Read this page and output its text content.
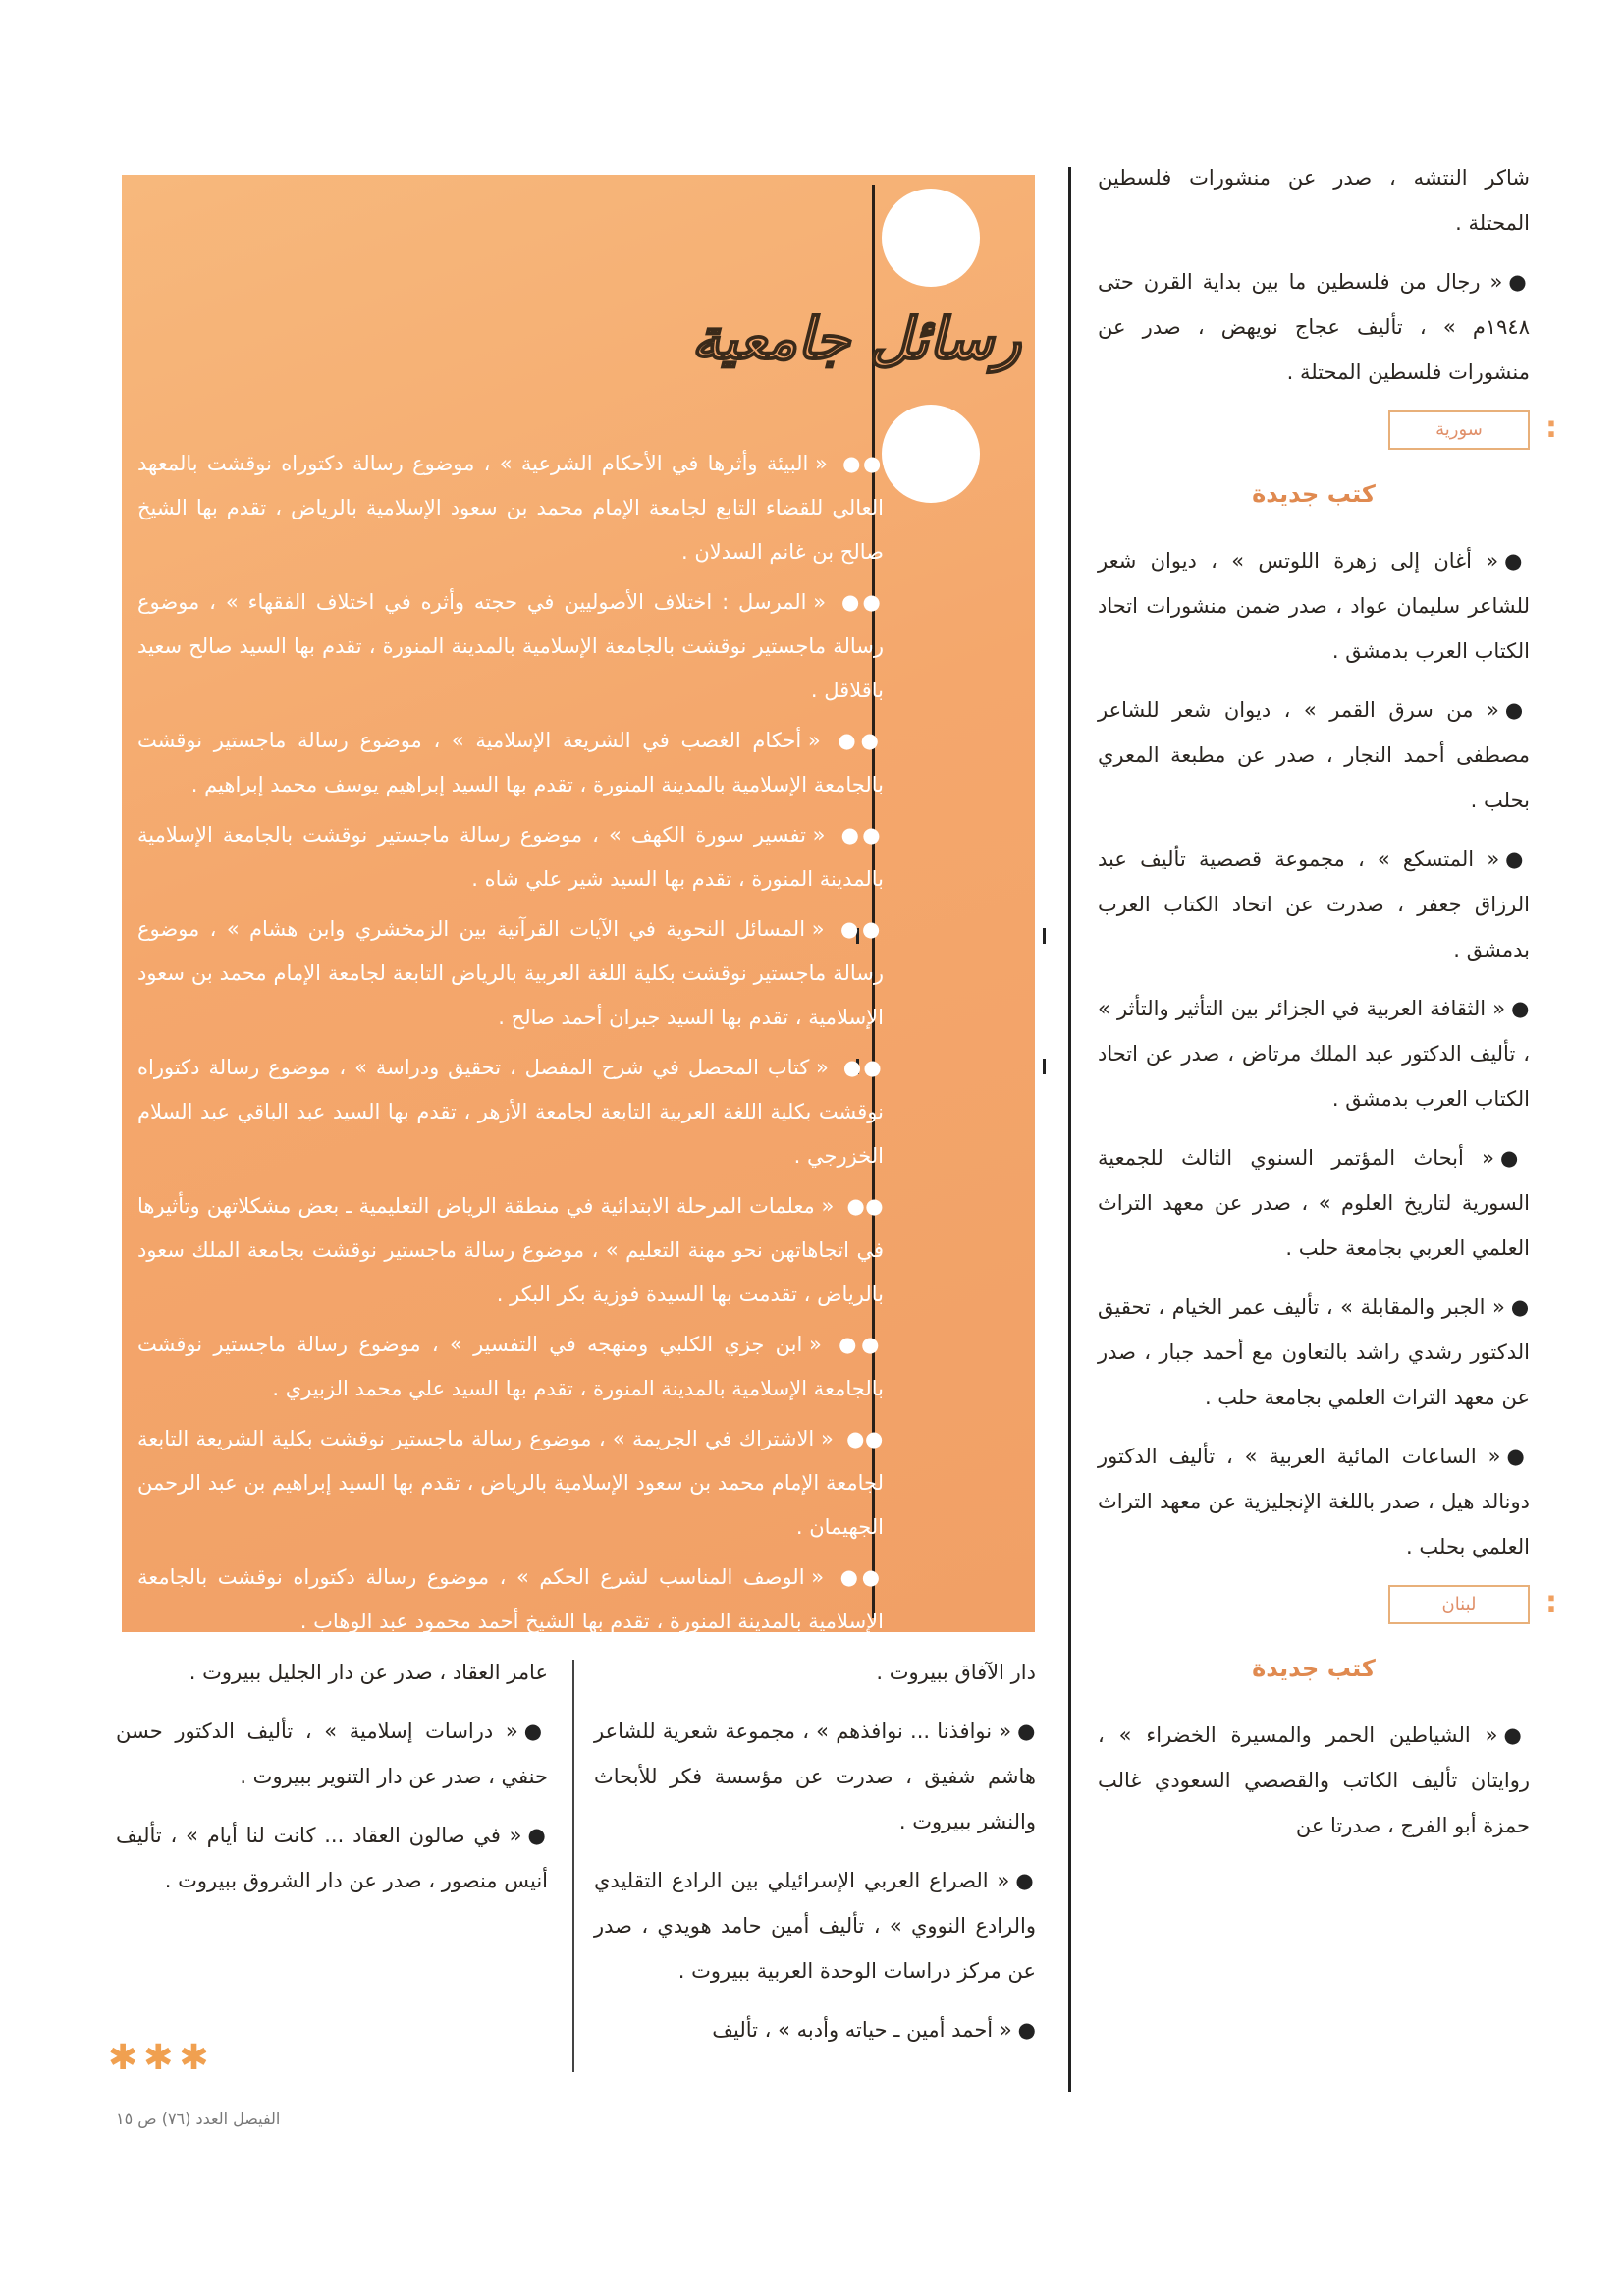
شاكر النتشه ، صدر عن منشورات فلسطين المحتلة .

●« رجال من فلسطين ما بين بداية القرن حتى ١٩٤٨م » ، تأليف عجاج نويهض ، صدر عن منشورات فلسطين المحتلة .

:
سورية
كتب جديدة

●« أغان إلى زهرة اللوتس » ، ديوان شعر للشاعر سليمان عواد ، صدر ضمن منشورات اتحاد الكتاب العرب بدمشق .

●« من سرق القمر » ، ديوان شعر للشاعر مصطفى أحمد النجار ، صدر عن مطبعة المعري بحلب .

●« المتسكع » ، مجموعة قصصية تأليف عبد الرزاق جعفر ، صدرت عن اتحاد الكتاب العرب بدمشق .

●« الثقافة العربية في الجزائر بين التأثير والتأثر » ، تأليف الدكتور عبد الملك مرتاض ، صدر عن اتحاد الكتاب العرب بدمشق .

●« أبحاث المؤتمر السنوي الثالث للجمعية السورية لتاريخ العلوم » ، صدر عن معهد التراث العلمي العربي بجامعة حلب .

●« الجبر والمقابلة » ، تأليف عمر الخيام ، تحقيق الدكتور رشدي راشد بالتعاون مع أحمد جبار ، صدر عن معهد التراث العلمي بجامعة حلب .

●« الساعات المائية العربية » ، تأليف الدكتور دونالد هيل ، صدر باللغة الإنجليزية عن معهد التراث العلمي بحلب .

:
لبنان
كتب جديدة

●« الشياطين الحمر والمسيرة الخضراء » ، روايتان تأليف الكاتب والقصصي السعودي غالب حمزة أبو الفرج ، صدرتا عن

رسائل جامعية

●● « البيئة وأثرها في الأحكام الشرعية » ، موضوع رسالة دكتوراه نوقشت بالمعهد العالي للقضاء التابع لجامعة الإمام محمد بن سعود الإسلامية بالرياض ، تقدم بها الشيخ صالح بن غانم السدلان .

●● « المرسل : اختلاف الأصوليين في حجته وأثره في اختلاف الفقهاء » ، موضوع رسالة ماجستير نوقشت بالجامعة الإسلامية بالمدينة المنورة ، تقدم بها السيد صالح سعيد باقلاقل .

●● « أحكام الغصب في الشريعة الإسلامية » ، موضوع رسالة ماجستير نوقشت بالجامعة الإسلامية بالمدينة المنورة ، تقدم بها السيد إبراهيم يوسف محمد إبراهيم .

●● « تفسير سورة الكهف » ، موضوع رسالة ماجستير نوقشت بالجامعة الإسلامية بالمدينة المنورة ، تقدم بها السيد شير علي شاه .

●● « المسائل النحوية في الآيات القرآنية بين الزمخشري وابن هشام » ، موضوع رسالة ماجستير نوقشت بكلية اللغة العربية بالرياض التابعة لجامعة الإمام محمد بن سعود الإسلامية ، تقدم بها السيد جبران أحمد صالح .

●● « كتاب المحصل في شرح المفصل ، تحقيق ودراسة » ، موضوع رسالة دكتوراه نوقشت بكلية اللغة العربية التابعة لجامعة الأزهر ، تقدم بها السيد عبد الباقي عبد السلام الخزرجي .

●● « معلمات المرحلة الابتدائية في منطقة الرياض التعليمية ـ بعض مشكلاتهن وتأثيرها في اتجاهاتهن نحو مهنة التعليم » ، موضوع رسالة ماجستير نوقشت بجامعة الملك سعود بالرياض ، تقدمت بها السيدة فوزية بكر البكر .

●● « ابن جزي الكلبي ومنهجه في التفسير » ، موضوع رسالة ماجستير نوقشت بالجامعة الإسلامية بالمدينة المنورة ، تقدم بها السيد علي محمد الزبيري .

●● « الاشتراك في الجريمة » ، موضوع رسالة ماجستير نوقشت بكلية الشريعة التابعة لجامعة الإمام محمد بن سعود الإسلامية بالرياض ، تقدم بها السيد إبراهيم بن عبد الرحمن الجهيمان .

●● « الوصف المناسب لشرع الحكم » ، موضوع رسالة دكتوراه نوقشت بالجامعة الإسلامية بالمدينة المنورة ، تقدم بها الشيخ أحمد محمود عبد الوهاب .

دار الآفاق ببيروت .

●« نوافذنا ... نوافذهم » ، مجموعة شعرية للشاعر هاشم شفيق ، صدرت عن مؤسسة فكر للأبحاث والنشر ببيروت .

●« الصراع العربي الإسرائيلي بين الرادع التقليدي والرادع النووي » ، تأليف أمين حامد هويدي ، صدر عن مركز دراسات الوحدة العربية ببيروت .

●« أحمد أمين ـ حياته وأدبه » ، تأليف

عامر العقاد ، صدر عن دار الجليل ببيروت .

●« دراسات إسلامية » ، تأليف الدكتور حسن حنفي ، صدر عن دار التنوير ببيروت .

●« في صالون العقاد ... كانت لنا أيام » ، تأليف أنيس منصور ، صدر عن دار الشروق ببيروت .

✱✱✱
الفيصل العدد (٧٦) ص ١٥
